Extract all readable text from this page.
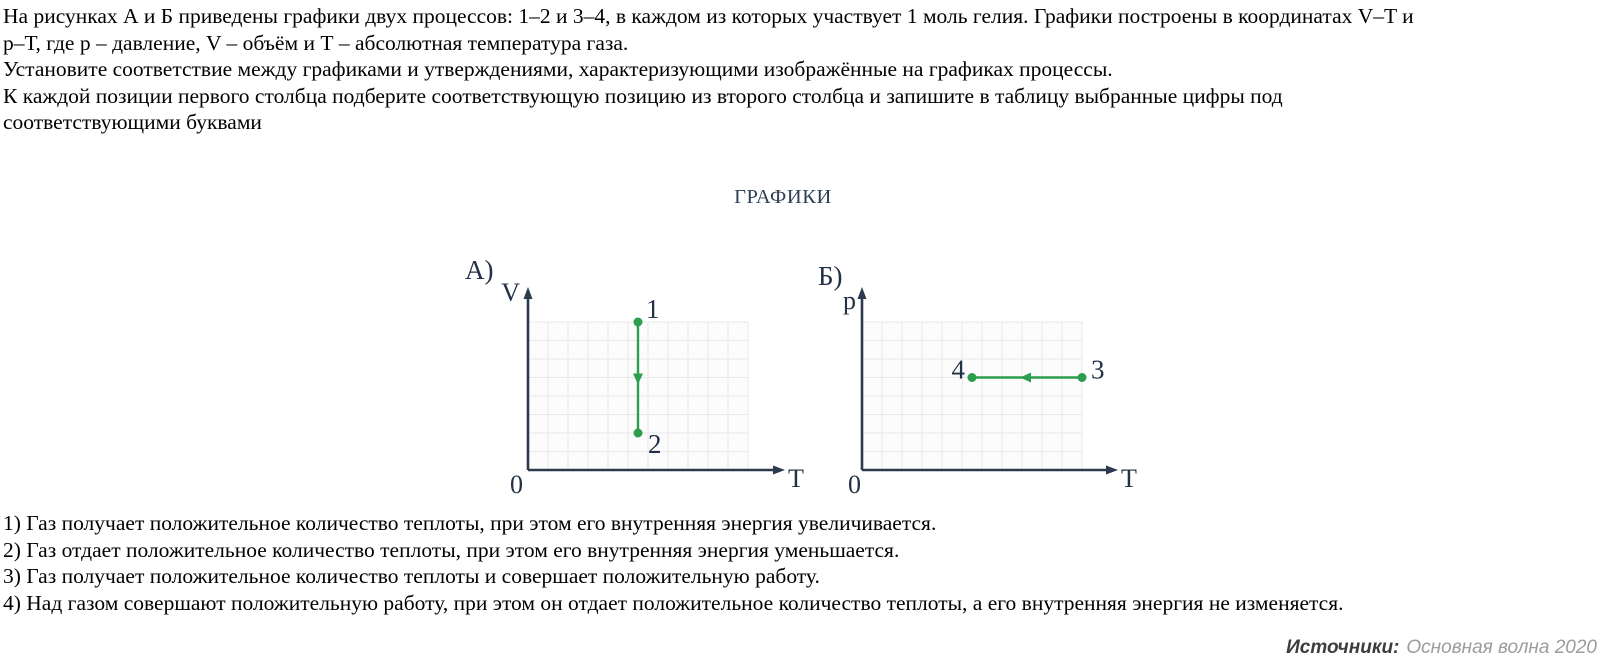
На рисунках А и Б приведены графики двух процессов: 1–2 и 3–4, в каждом из которых участвует 1 моль гелия. Графики построены в координатах V–T и
р–Т, где р – давление, V – объём и Т – абсолютная температура газа.
Установите соответствие между графиками и утверждениями, характеризующими изображённые на графиках процессы.
К каждой позиции первого столбца подберите соответствующую позицию из второго столбца и запишите в таблицу выбранные цифры под
соответствующими буквами
ГРАФИКИ
А)
V
T
0
1
2
Б)
p
T
0
4	3
1) Газ получает положительное количество теплоты, при этом его внутренняя энергия увеличивается.
2) Газ отдает положительное количество теплоты, при этом его внутренняя энергия уменьшается.
3) Газ получает положительное количество теплоты и совершает положительную работу.
4) Над газом совершают положительную работу, при этом он отдает положительное количество теплоты, а его внутренняя энергия не изменяется.
Источники: Основная волна 2020
